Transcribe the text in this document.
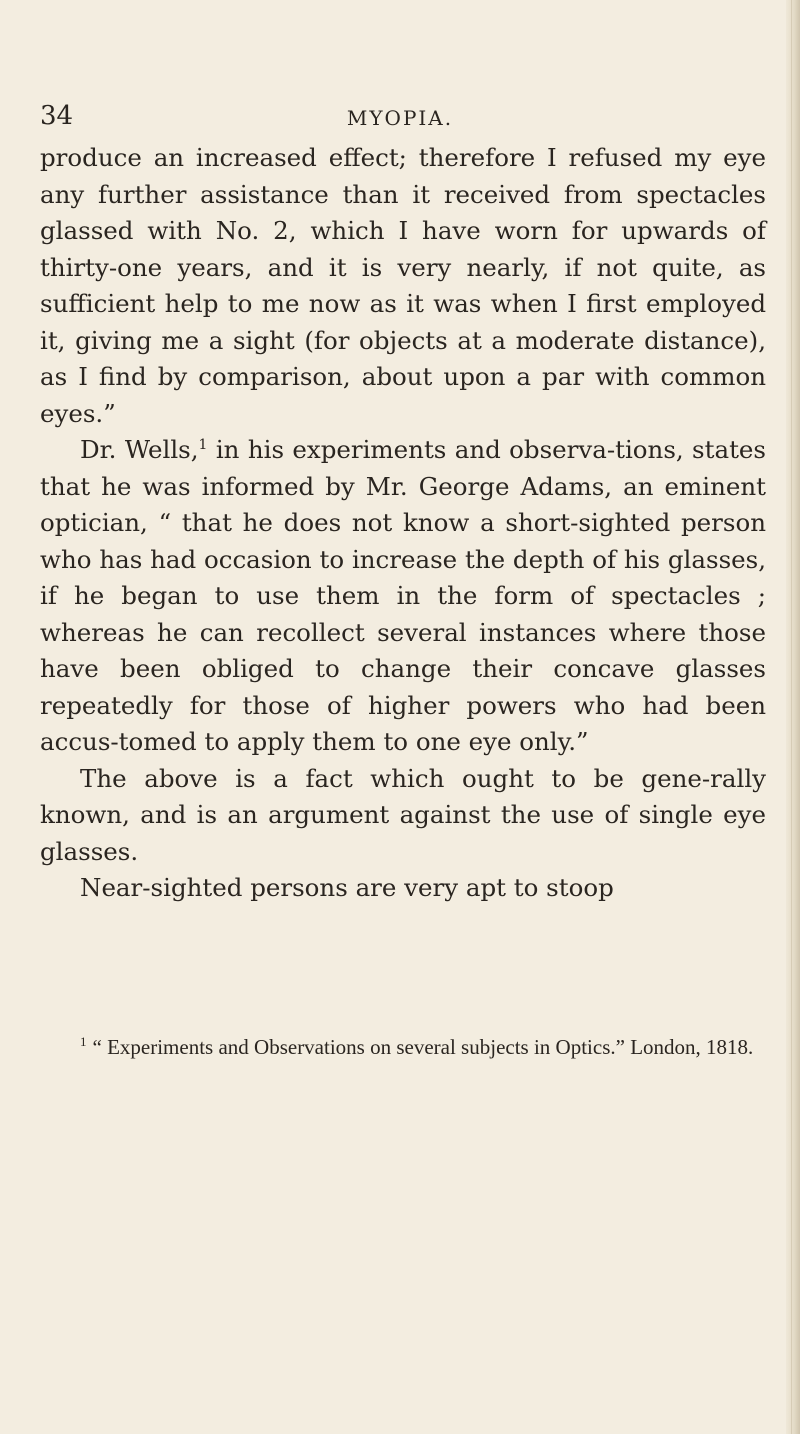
34	MYOPIA.

produce an increased effect; therefore I refused my eye any further assistance than it received from spectacles glassed with No. 2, which I have worn for upwards of thirty-one years, and it is very nearly, if not quite, as sufficient help to me now as it was when I first employed it, giving me a sight (for objects at a moderate distance), as I find by comparison, about upon a par with common eyes.”

Dr. Wells,$^1$ in his experiments and observa-tions, states that he was informed by Mr. George Adams, an eminent optician, “ that he does not know a short-sighted person who has had occasion to increase the depth of his glasses, if he began to use them in the form of spectacles ; whereas he can recollect several instances where those have been obliged to change their concave glasses repeatedly for those of higher powers who had been accus-tomed to apply them to one eye only.”

The above is a fact which ought to be gene-rally known, and is an argument against the use of single eye glasses.

Near-sighted persons are very apt to stoop

$^1$ “ Experiments and Observations on several subjects in Optics.” London, 1818.
